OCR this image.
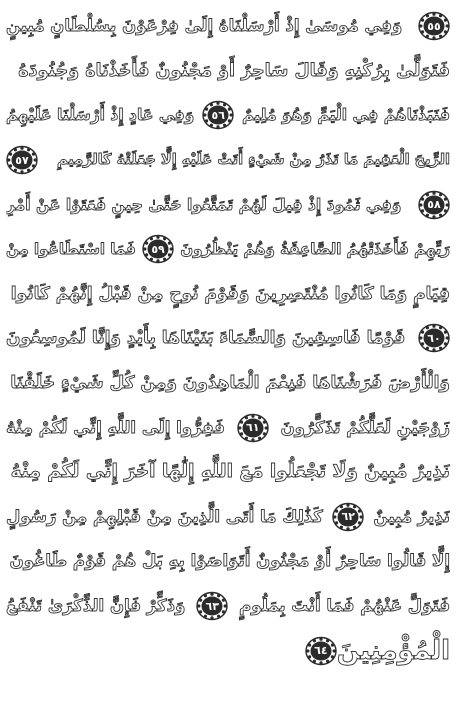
٥٥
وَفِي مُوسَىٰ إِذْ أَرْسَلْنَاهُ إِلَىٰ فِرْعَوْنَ بِسُلْطَانٍ مُبِينٍ
فَتَوَلَّىٰ بِرُكْنِهِ وَقَالَ سَاحِرٌ أَوْ مَجْنُونٌ فَأَخَذْنَاهُ وَجُنُودَهُ
فَنَبَذْنَاهُمْ فِي الْيَمِّ وَهُوَ مُلِيمٌ
٥٦
وَفِي عَادٍ إِذْ أَرْسَلْنَا عَلَيْهِمُ
الرِّيحَ الْعَقِيمَ مَا تَذَرُ مِنْ شَيْءٍ أَتَتْ عَلَيْهِ إِلَّا جَعَلَتْهُ كَالرَّمِيمِ
٥٧
٥٨
وَفِي ثَمُودَ إِذْ قِيلَ لَهُمْ تَمَتَّعُوا حَتَّىٰ حِينٍ فَعَتَوْا عَنْ أَمْرِ
رَبِّهِمْ فَأَخَذَتْهُمُ الصَّاعِقَةُ وَهُمْ يَنْظُرُونَ
٥٩
فَمَا اسْتَطَاعُوا مِنْ
قِيَامٍ وَمَا كَانُوا مُنْتَصِرِينَ وَقَوْمَ نُوحٍ مِنْ قَبْلُ إِنَّهُمْ كَانُوا
٦٠
قَوْمًا فَاسِقِينَ وَالسَّمَاءَ بَنَيْنَاهَا بِأَيْدٍ وَإِنَّا لَمُوسِعُونَ
وَالْأَرْضَ فَرَشْنَاهَا فَنِعْمَ الْمَاهِدُونَ وَمِنْ كُلِّ شَيْءٍ خَلَقْنَا
زَوْجَيْنِ لَعَلَّكُمْ تَذَكَّرُونَ
٦١
فَفِرُّوا إِلَى اللَّهِ إِنِّي لَكُمْ مِنْهُ
نَذِيرٌ مُبِينٌ وَلَا تَجْعَلُوا مَعَ اللَّهِ إِلَٰهًا آخَرَ إِنِّي لَكُمْ مِنْهُ
نَذِيرٌ مُبِينٌ
٦٢
كَذَٰلِكَ مَا أَتَى الَّذِينَ مِنْ قَبْلِهِمْ مِنْ رَسُولٍ
إِلَّا قَالُوا سَاحِرٌ أَوْ مَجْنُونٌ أَتَوَاصَوْا بِهِ بَلْ هُمْ قَوْمٌ طَاغُونَ
فَتَوَلَّ عَنْهُمْ فَمَا أَنْتَ بِمَلُومٍ
٦٣
وَذَكِّرْ فَإِنَّ الذِّكْرَىٰ تَنْفَعُ
الْمُؤْمِنِينَ
٦٤
